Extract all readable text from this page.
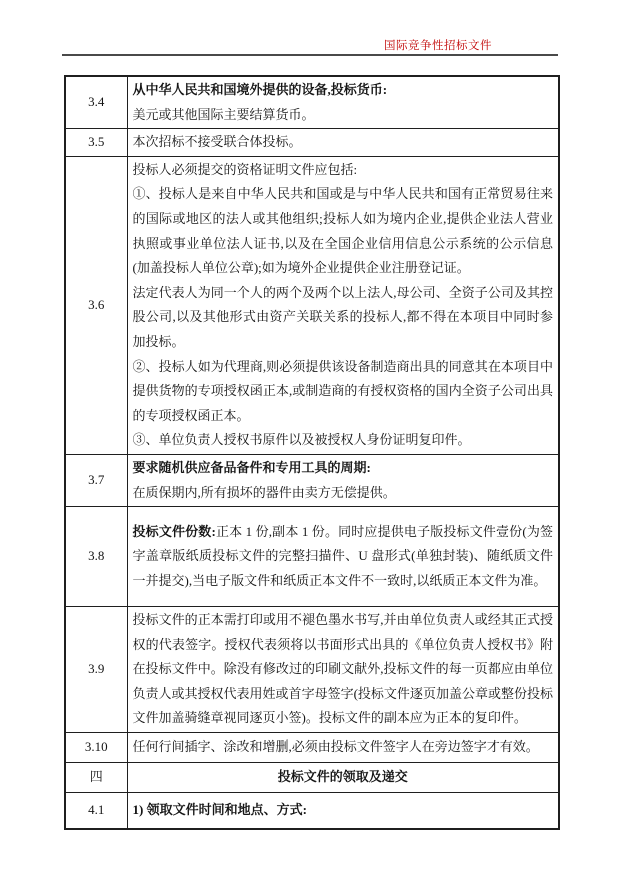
国际竞争性招标文件
3.4	从中华人民共和国境外提供的设备,投标货币:

美元或其他国际主要结算货币。

3.5	本次招标不接受联合体投标。

3.6	投标人必须提交的资格证明文件应包括:

①、投标人是来自中华人民共和国或是与中华人民共和国有正常贸易往来的国际或地区的法人或其他组织;投标人如为境内企业,提供企业法人营业执照或事业单位法人证书,以及在全国企业信用信息公示系统的公示信息(加盖投标人单位公章);如为境外企业提供企业注册登记证。

法定代表人为同一个人的两个及两个以上法人,母公司、全资子公司及其控股公司,以及其他形式由资产关联关系的投标人,都不得在本项目中同时参加投标。

②、投标人如为代理商,则必须提供该设备制造商出具的同意其在本项目中提供货物的专项授权函正本,或制造商的有授权资格的国内全资子公司出具的专项授权函正本。

③、单位负责人授权书原件以及被授权人身份证明复印件。

3.7	要求随机供应备品备件和专用工具的周期:

在质保期内,所有损坏的器件由卖方无偿提供。

3.8	投标文件份数:正本 1 份,副本 1 份。同时应提供电子版投标文件壹份(为签字盖章版纸质投标文件的完整扫描件、U 盘形式(单独封装)、随纸质文件一并提交),当电子版文件和纸质正本文件不一致时,以纸质正本文件为准。

3.9	投标文件的正本需打印或用不褪色墨水书写,并由单位负责人或经其正式授权的代表签字。授权代表须将以书面形式出具的《单位负责人授权书》附在投标文件中。除没有修改过的印刷文献外,投标文件的每一页都应由单位负责人或其授权代表用姓或首字母签字(投标文件逐页加盖公章或整份投标文件加盖骑缝章视同逐页小签)。投标文件的副本应为正本的复印件。

3.10	任何行间插字、涂改和增删,必须由投标文件签字人在旁边签字才有效。

四	投标文件的领取及递交

4.1	1) 领取文件时间和地点、方式:
